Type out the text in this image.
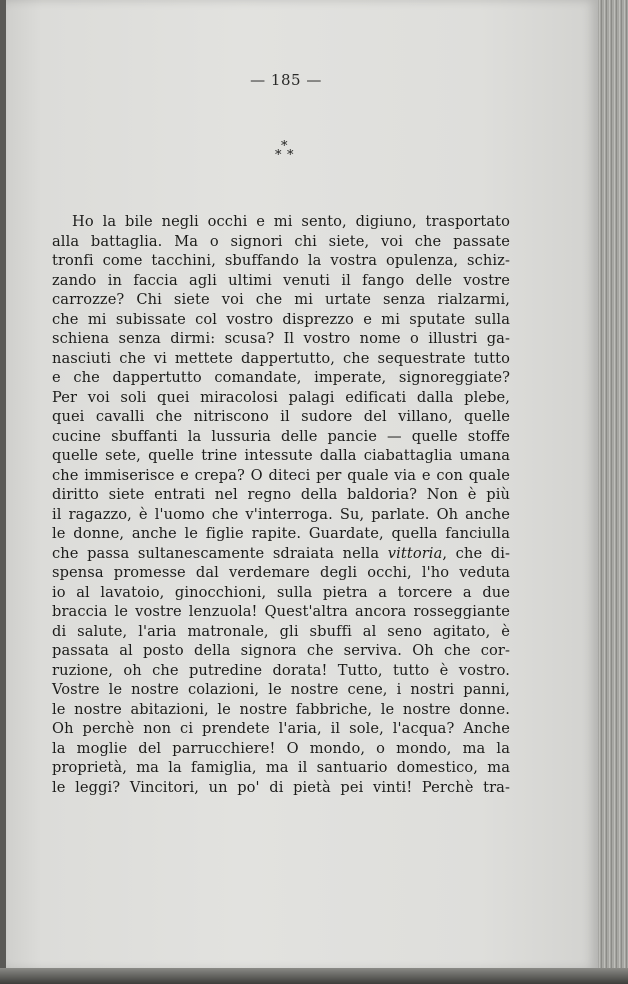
— 185 —
*
* *
Ho la bile negli occhi e mi sento, digiuno, trasportato
alla battaglia. Ma o signori chi siete, voi che passate
tronfi come tacchini, sbuffando la vostra opulenza, schiz-
zando in faccia agli ultimi venuti il fango delle vostre
carrozze? Chi siete voi che mi urtate senza rialzarmi,
che mi subissate col vostro disprezzo e mi sputate sulla
schiena senza dirmi: scusa? Il vostro nome o illustri ga-
nasciuti che vi mettete dappertutto, che sequestrate tutto
e che dappertutto comandate, imperate, signoreggiate?
Per voi soli quei miracolosi palagi edificati dalla plebe,
quei cavalli che nitriscono il sudore del villano, quelle
cucine sbuffanti la lussuria delle pancie — quelle stoffe
quelle sete, quelle trine intessute dalla ciabattaglia umana
che immiserisce e crepa? O diteci per quale via e con quale
diritto siete entrati nel regno della baldoria? Non è più
il ragazzo, è l'uomo che v'interroga. Su, parlate. Oh anche
le donne, anche le figlie rapite. Guardate, quella fanciulla
che passa sultanescamente sdraiata nella vittoria, che di-
spensa promesse dal verdemare degli occhi, l'ho veduta
io al lavatoio, ginocchioni, sulla pietra a torcere a due
braccia le vostre lenzuola! Quest'altra ancora rosseggiante
di salute, l'aria matronale, gli sbuffi al seno agitato, è
passata al posto della signora che serviva. Oh che cor-
ruzione, oh che putredine dorata! Tutto, tutto è vostro.
Vostre le nostre colazioni, le nostre cene, i nostri panni,
le nostre abitazioni, le nostre fabbriche, le nostre donne.
Oh perchè non ci prendete l'aria, il sole, l'acqua? Anche
la moglie del parrucchiere! O mondo, o mondo, ma la
proprietà, ma la famiglia, ma il santuario domestico, ma
le leggi? Vincitori, un po' di pietà pei vinti! Perchè tra-
